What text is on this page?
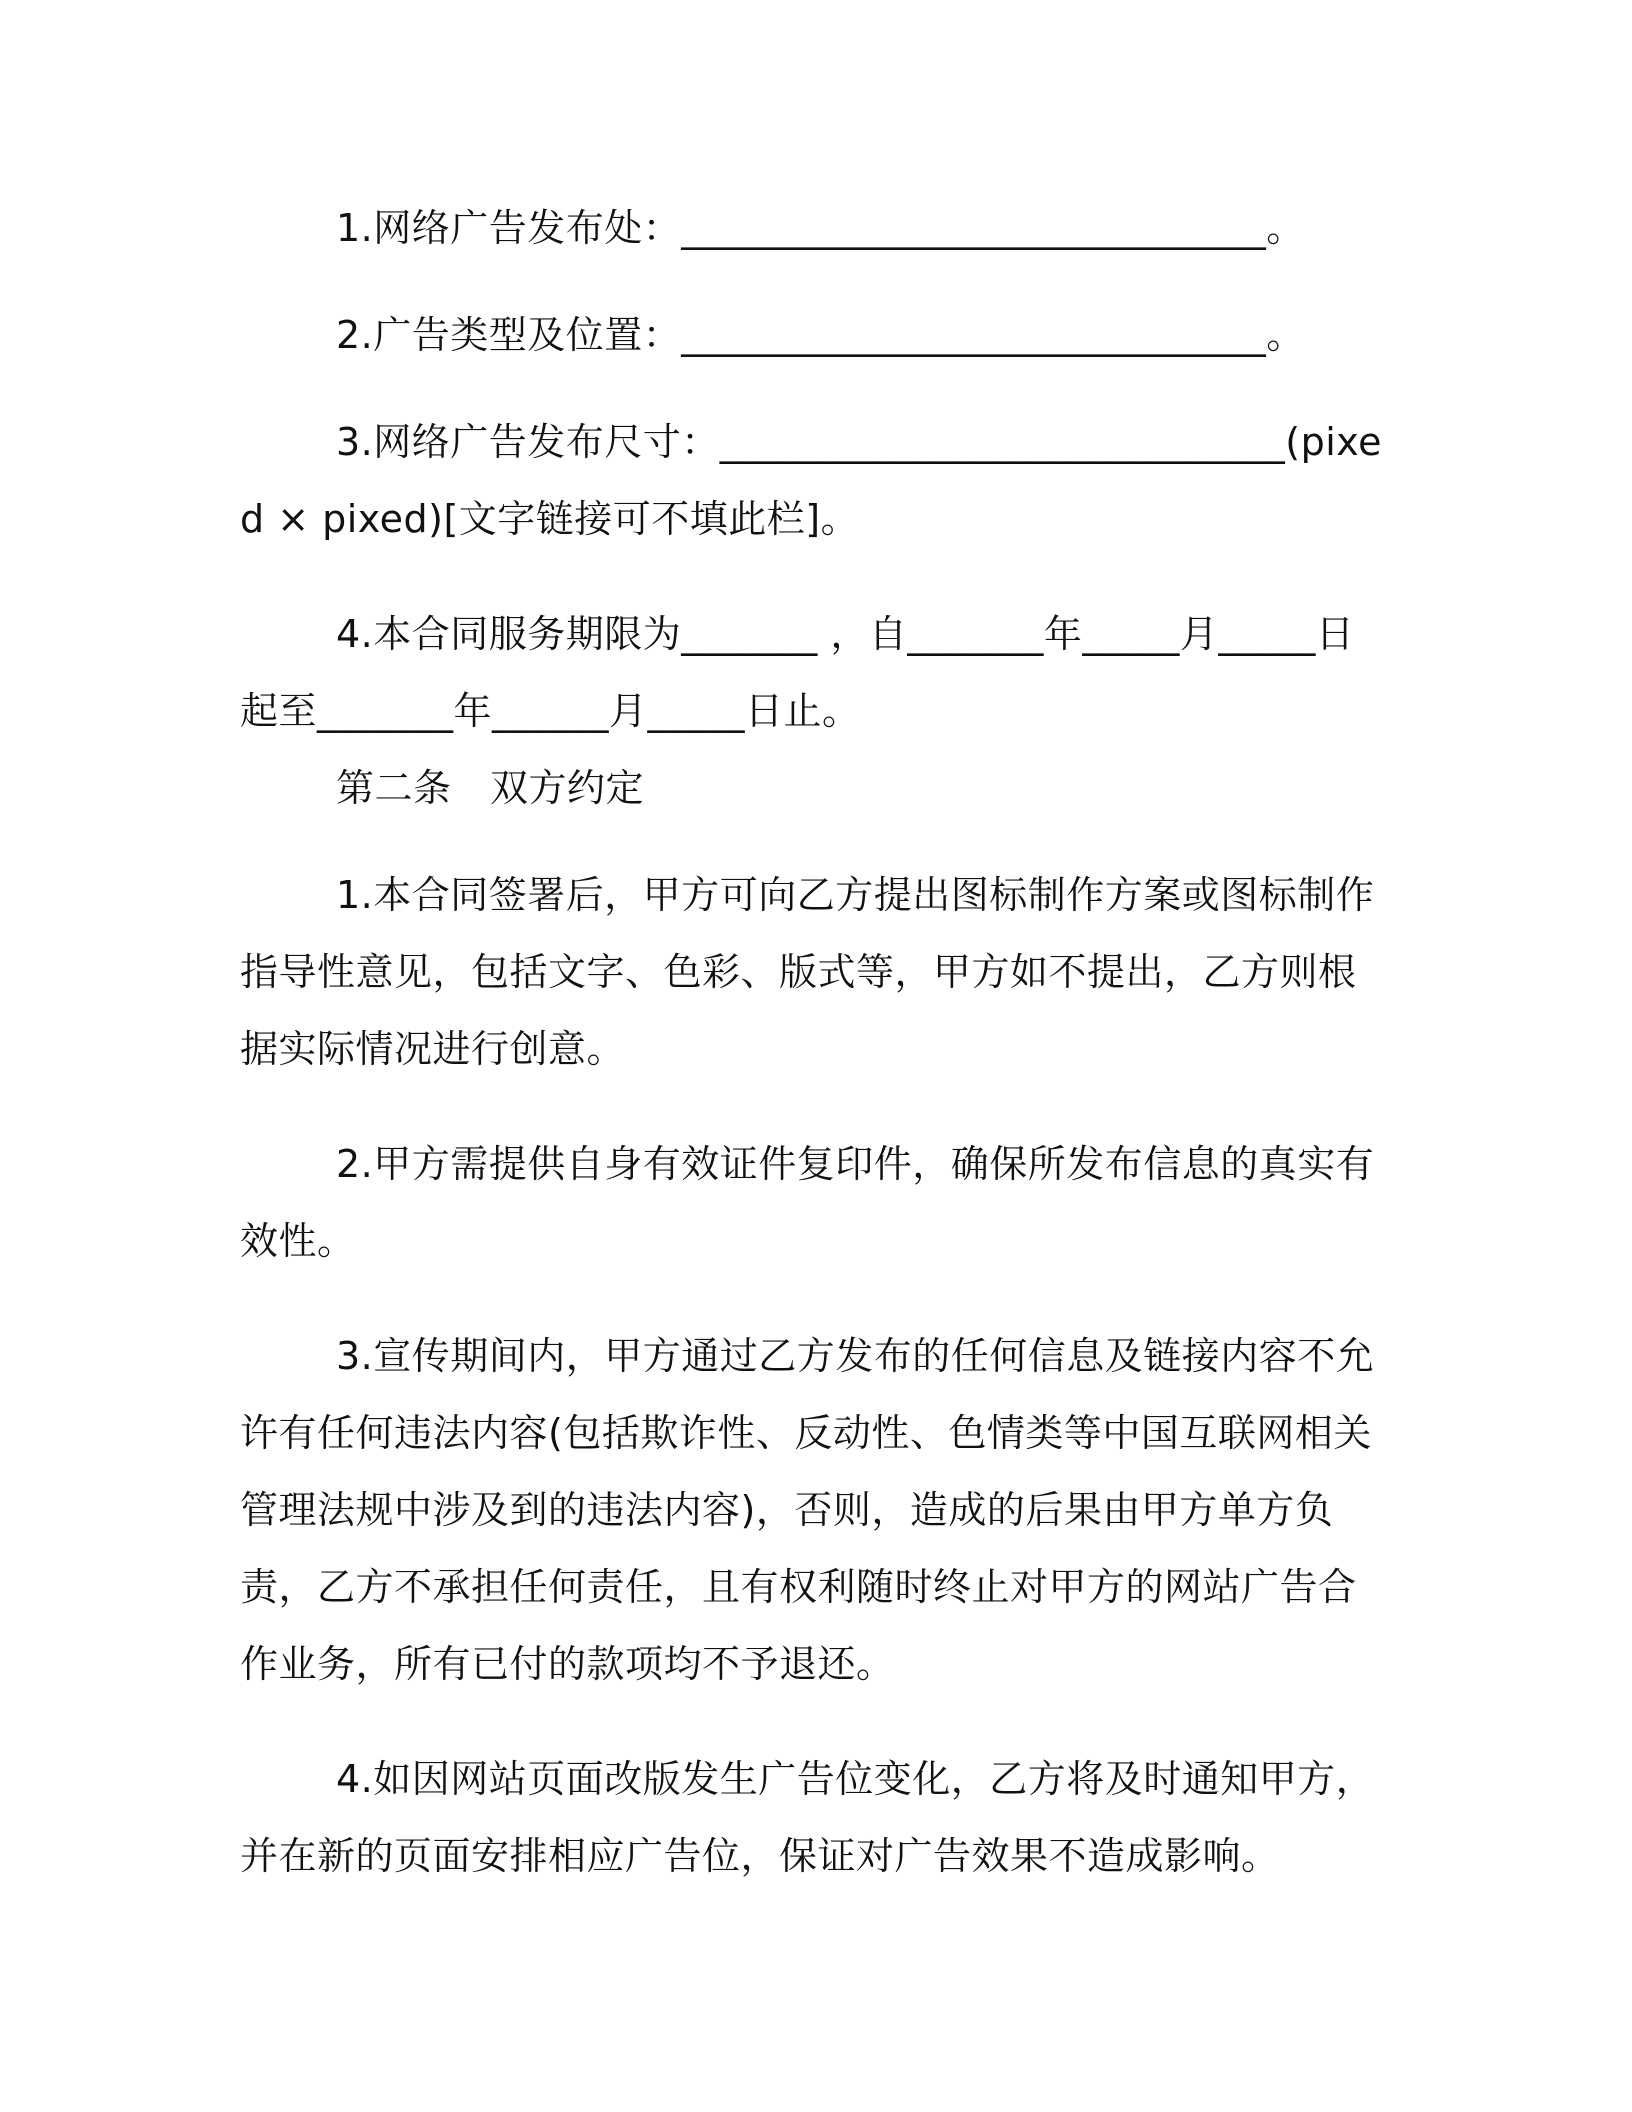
1.网络广告发布处：______________________________。

2.广告类型及位置：______________________________。

3.网络广告发布尺寸：_____________________________(pixed × pixed)[文字链接可不填此栏]。

4.本合同服务期限为_______ ，自_______年_____月_____日起至_______年______月_____日止。

第二条　双方约定

1.本合同签署后，甲方可向乙方提出图标制作方案或图标制作指导性意见，包括文字、色彩、版式等，甲方如不提出，乙方则根据实际情况进行创意。

2.甲方需提供自身有效证件复印件，确保所发布信息的真实有效性。

3.宣传期间内，甲方通过乙方发布的任何信息及链接内容不允许有任何违法内容(包括欺诈性、反动性、色情类等中国互联网相关管理法规中涉及到的违法内容)，否则，造成的后果由甲方单方负责，乙方不承担任何责任，且有权利随时终止对甲方的网站广告合作业务，所有已付的款项均不予退还。

4.如因网站页面改版发生广告位变化，乙方将及时通知甲方，并在新的页面安排相应广告位，保证对广告效果不造成影响。
